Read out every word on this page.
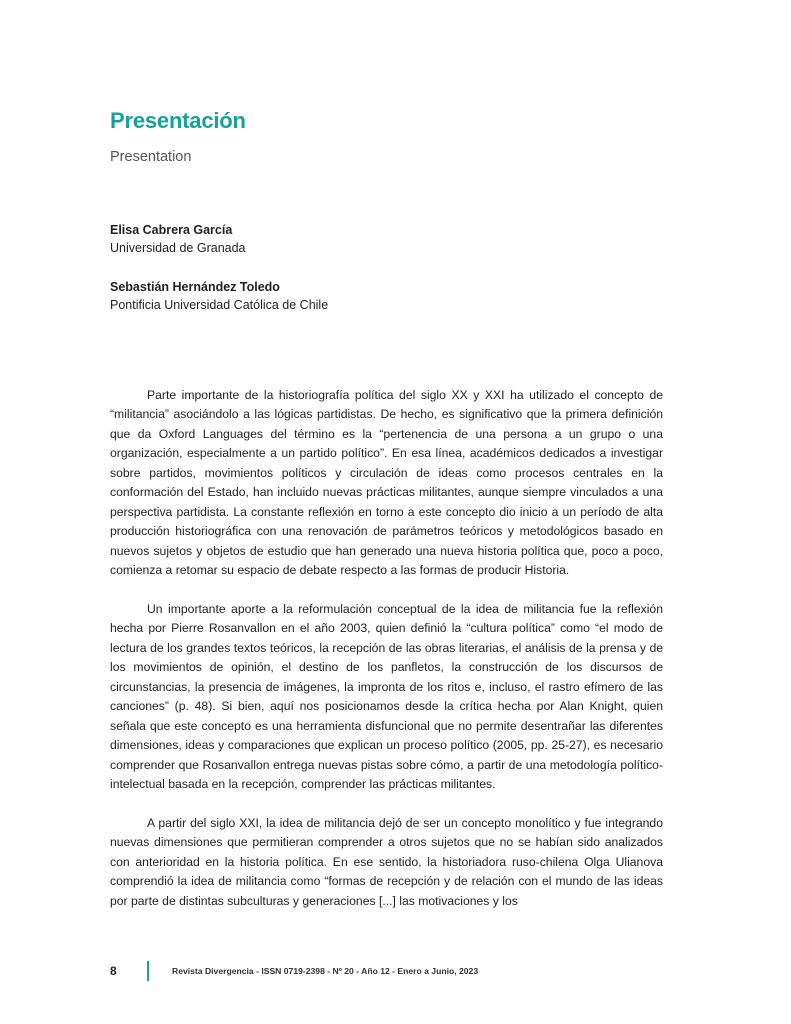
Presentación
Presentation
Elisa Cabrera García
Universidad de Granada
Sebastián Hernández Toledo
Pontificia Universidad Católica de Chile

Parte importante de la historiografía política del siglo XX y XXI ha utilizado el concepto de “militancia” asociándolo a las lógicas partidistas. De hecho, es significativo que la primera definición que da Oxford Languages del término es la “pertenencia de una persona a un grupo o una organización, especialmente a un partido político”. En esa línea, académicos dedicados a investigar sobre partidos, movimientos políticos y circulación de ideas como procesos centrales en la conformación del Estado, han incluido nuevas prácticas militantes, aunque siempre vinculados a una perspectiva partidista. La constante reflexión en torno a este concepto dio inicio a un período de alta producción historiográfica con una renovación de parámetros teóricos y metodológicos basado en nuevos sujetos y objetos de estudio que han generado una nueva historia política que, poco a poco, comienza a retomar su espacio de debate respecto a las formas de producir Historia.

Un importante aporte a la reformulación conceptual de la idea de militancia fue la reflexión hecha por Pierre Rosanvallon en el año 2003, quien definió la “cultura política” como “el modo de lectura de los grandes textos teóricos, la recepción de las obras literarias, el análisis de la prensa y de los movimientos de opinión, el destino de los panfletos, la construcción de los discursos de circunstancias, la presencia de imágenes, la impronta de los ritos e, incluso, el rastro efímero de las canciones” (p. 48). Si bien, aquí nos posicionamos desde la crítica hecha por Alan Knight, quien señala que este concepto es una herramienta disfuncional que no permite desentrañar las diferentes dimensiones, ideas y comparaciones que explican un proceso político (2005, pp. 25-27), es necesario comprender que Rosanvallon entrega nuevas pistas sobre cómo, a partir de una metodología político-intelectual basada en la recepción, comprender las prácticas militantes.

A partir del siglo XXI, la idea de militancia dejó de ser un concepto monolítico y fue integrando nuevas dimensiones que permitieran comprender a otros sujetos que no se habían sido analizados con anterioridad en la historia política. En ese sentido, la historiadora ruso-chilena Olga Ulianova comprendió la idea de militancia como “formas de recepción y de relación con el mundo de las ideas por parte de distintas subculturas y generaciones [...] las motivaciones y los

8	Revista Divergencia - ISSN 0719-2398 - Nº 20 - Año 12 - Enero a Junio, 2023
